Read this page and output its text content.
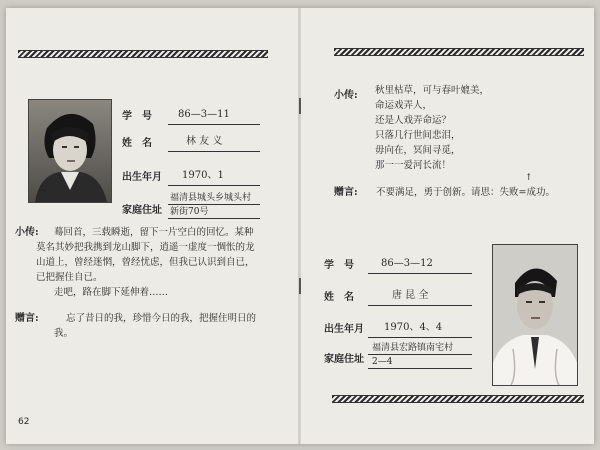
学　号	86—3—11
姓　名	林 友 义
出生年月 1970、1
家庭住址
福清县城头乡城头村
新街70号
小传:	蓦回首，三载瞬逝，留下一片空白的回忆。某种
莫名其妙把我携到龙山脚下，逍遥一虚度一惆怅的龙
山道上，曾经迷惘，曾经忧虑，但我已认识到自已，
已把握住自已。
走吧，路在脚下延伸着……
赠言:	忘了昔日的我，珍惜今日的我，把握住明日的
我。
62
小传: 秋里枯草，可与春叶媲美，
命运戏弄人，
还是人戏弄命运？
只落几行世间悲泪，
毋向在，冥间寻觅，
那一一爱河长流！
赠言: 不要满足，勇于创新。请思：失败=成功。
↑
学　号	86—3—12
姓　名	唐 昆 全
出生年月 1970、4、4
家庭住址
福清县宏路镇南宅村
2—4
